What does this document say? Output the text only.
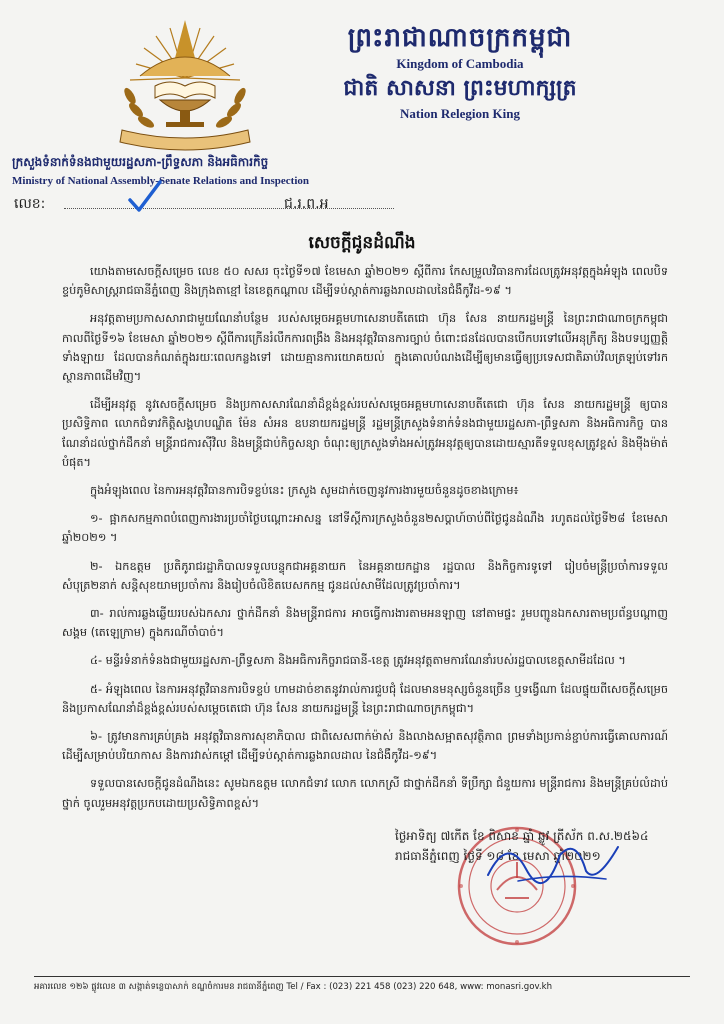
ព្រះរាជាណាចក្រកម្ពុជា
Kingdom of Cambodia
ជាតិ សាសនា ព្រះមហាក្សត្រ
Nation Relegion King
ក្រសួងទំនាក់ទំនងជាមួយរដ្ឋសភា-ព្រឹទ្ធសភា និងអធិការកិច្ច
Ministry of National Assembly-Senate Relations and Inspection
លេខ:	ជ.រ.ព.អ
សេចក្តីជូនដំណឹង

យោងតាមសេចក្តីសម្រេច លេខ ៥០ សសរ ចុះថ្ងៃទី១៧ ខែមេសា ឆ្នាំ២០២១ ស្តីពីការ កែសម្រួលវិធានការដែលត្រូវអនុវត្តក្នុងអំឡុង ពេលបិទខ្ទប់ភូមិសាស្ត្ររាជធានីភ្នំពេញ និងក្រុងតាខ្មៅ នៃខេត្តកណ្តាល ដើម្បីទប់ស្កាត់ការឆ្លងរាលដាលនៃជំងឺកូវីដ-១៩ ។

អនុវត្តតាមប្រកាសសារាជាមួយណែនាំបន្ថែម របស់សម្តេចអគ្គមហាសេនាបតីតេជោ ហ៊ុន សែន នាយករដ្ឋមន្ត្រី នៃព្រះរាជាណាចក្រកម្ពុជា កាលពីថ្ងៃទី១៦ ខែមេសា ឆ្នាំ២០២១ ស្តីពីការក្រើនរំលឹកការពង្រឹង និងអនុវត្តវិធានការច្បាប់ ចំពោះជនដែលបានបើកបរទៅលើអនុក្រឹត្យ និងបទប្បញ្ញត្តិទាំងឡាយ ដែលបានកំណត់ក្នុងរយៈពេលកន្លងទៅ ដោយគ្មានការយោគយល់ ក្នុងគោលបំណងដើម្បីឲ្យមានធ្វើឲ្យប្រទេសជាតិឆាប់វិលត្រឡប់ទៅរកស្ថានភាពដើមវិញ។

ដើម្បីអនុវត្ត នូវសេចក្តីសម្រេច និងប្រកាសសារណែនាំដ៏ខ្ពង់ខ្ពស់របស់សម្តេចអគ្គមហាសេនាបតីតេជោ ហ៊ុន សែន នាយករដ្ឋមន្ត្រី ឲ្យបានប្រសិទ្ធិភាព លោកជំទាវកិត្តិសង្គហបណ្ឌិត ម៉ែន សំអន ឧបនាយករដ្ឋមន្ត្រី រដ្ឋមន្ត្រីក្រសួងទំនាក់ទំនងជាមួយរដ្ឋសភា-ព្រឹទ្ធសភា និងអធិការកិច្ច បានណែនាំដល់ថ្នាក់ដឹកនាំ មន្ត្រីរាជការស៊ីវិល និងមន្ត្រីជាប់កិច្ចសន្យា ចំណុះឲ្យក្រសួងទាំងអស់ត្រូវអនុវត្តឲ្យបានដោយស្មារតីទទួលខុសត្រូវខ្ពស់ និងម៉ឺងម៉ាត់បំផុត។

ក្នុងអំឡុងពេល នៃការអនុវត្តវិធានការបិទខ្ទប់នេះ ក្រសួង សូមដាក់ចេញនូវការងារមួយចំនួនដូចខាងក្រោម៖

១- ផ្អាកសកម្មភាពបំពេញការងារប្រចាំថ្ងៃបណ្តោះអាសន្ន នៅទីស្តីការក្រសួងចំនួន២សប្តាហ៍ចាប់ពីថ្ងៃជូនដំណឹង រហូតដល់ថ្ងៃទី២៨ ខែមេសា ឆ្នាំ២០២១ ។

២- ឯកឧត្តម ប្រតិភូរាជរដ្ឋាភិបាលទទួលបន្ទុកជាអគ្គនាយក នៃអគ្គនាយកដ្ឋាន រដ្ឋបាល និងកិច្ចការទូទៅ រៀបចំមន្ត្រីប្រចាំការទទួលសំបុត្រ២នាក់ សន្តិសុខយាមប្រចាំការ និងរៀបចំលិខិតបេសកកម្ម ជូនដល់សាមីដែលត្រូវប្រចាំការ។

៣- រាល់ការឆ្លងឆ្លើយរបស់ឯកសារ ថ្នាក់ដឹកនាំ និងមន្ត្រីរាជការ អាចធ្វើការងារតាមអនឡាញ នៅតាមផ្ទះ រួមបញ្ជូនឯកសារតាមប្រព័ន្ធបណ្តាញសង្គម (តេឡេក្រាម) ក្នុងករណីចាំបាច់។

៤- មន្ទីរទំនាក់ទំនងជាមួយរដ្ឋសភា-ព្រឹទ្ធសភា និងអធិការកិច្ចរាជធានី-ខេត្ត ត្រូវអនុវត្តតាមការណែនាំរបស់រដ្ឋបាលខេត្តសាមីដដែល ។

៥- អំឡុងពេល នៃការអនុវត្តវិធានការបិទខ្ទប់ ហាមដាច់ខាតនូវរាល់ការជួបជុំ ដែលមានមនុស្សចំនួនច្រើន ឬទង្វើណា ដែលផ្ទុយពីសេចក្តីសម្រេច និងប្រកាសណែនាំដ៏ខ្ពង់ខ្ពស់របស់សម្តេចតេជោ ហ៊ុន សែន នាយករដ្ឋមន្ត្រី នៃព្រះរាជាណាចក្រកម្ពុជា។

៦- ត្រូវមានការគ្រប់គ្រង អនុវត្តវិធានការសុខាភិបាល ជាពិសេសពាក់ម៉ាស់ និងលាងសម្អាតសុវត្ថិភាព ព្រមទាំងប្រកាន់ខ្ជាប់ការធ្វើគោលការណ៍ ដើម្បីសម្រាប់បរិយាកាស និងការវាស់កម្តៅ ដើម្បីទប់ស្កាត់ការឆ្លងរាលដាល នៃជំងឺកូវីដ-១៩។

ទទួលបានសេចក្តីជូនដំណឹងនេះ សូមឯកឧត្តម លោកជំទាវ លោក លោកស្រី ជាថ្នាក់ដឹកនាំ ទីប្រឹក្សា ជំនួយការ មន្ត្រីរាជការ និងមន្ត្រីគ្រប់លំដាប់ថ្នាក់ ចូលរួមអនុវត្តប្រកបដោយប្រសិទ្ធិភាពខ្ពស់។

ថ្ងៃអាទិត្យ ៧កើត ខែ ពិសាខ ឆ្នាំ ឆ្លូវ ត្រីស័ក ព.ស.២៥៦៤
រាជធានីភ្នំពេញ ថ្ងៃទី ១៨ ខែ មេសា ឆ្នាំ២០២១
អគារលេខ ១២៦ ផ្លូវលេខ ៣ សង្កាត់ទន្លេបាសាក់ ខណ្ឌចំការមន រាជធានីភ្នំពេញ Tel / Fax : (023) 221 458 (023) 220 648, www: monasri.gov.kh
